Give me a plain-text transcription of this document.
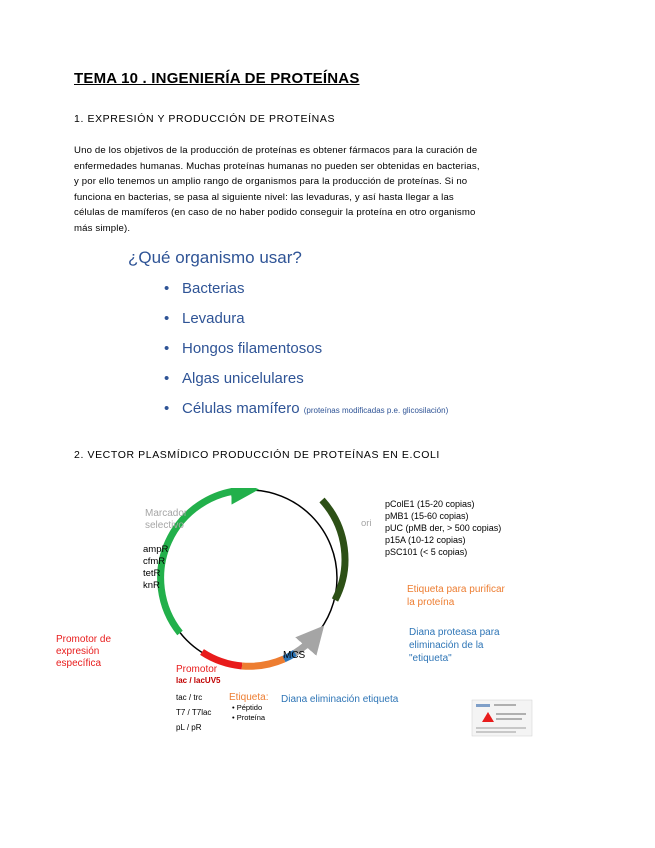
TEMA 10 . INGENIERÍA DE PROTEÍNAS
1. EXPRESIÓN Y PRODUCCIÓN DE PROTEÍNAS
Uno de los objetivos de la producción de proteínas es obtener fármacos para la curación de
enfermedades humanas. Muchas proteínas humanas no pueden ser obtenidas en bacterias,
y por ello tenemos un amplio rango de organismos para la producción de proteínas. Si no
funciona en bacterias, se pasa al siguiente nivel: las levaduras, y así hasta llegar a las
células de mamíferos (en caso de no haber podido conseguir la proteína en otro organismo
más simple).
¿Qué organismo usar?
• Bacterias
• Levadura
• Hongos filamentosos
• Algas unicelulares
• Células mamífero (proteínas modificadas p.e. glicosilación)
2. VECTOR PLASMÍDICO PRODUCCIÓN DE PROTEÍNAS EN E.COLI
Marcador
selectivo
ampR
cfmR
tetR
knR
ori
pColE1 (15-20 copias)
pMB1 (15-60 copias)
pUC (pMB der, > 500 copias)
p15A (10-12 copias)
pSC101 (< 5 copias)
Etiqueta para purificar
la proteína
Diana proteasa para
eliminación de la
"etiqueta"
MCS
Promotor de
expresión
específica
Promotor
lac / lacUV5
tac / trc
T7 / T7lac
pL / pR
Etiqueta:
• Péptido
• Proteína
Diana eliminación etiqueta
